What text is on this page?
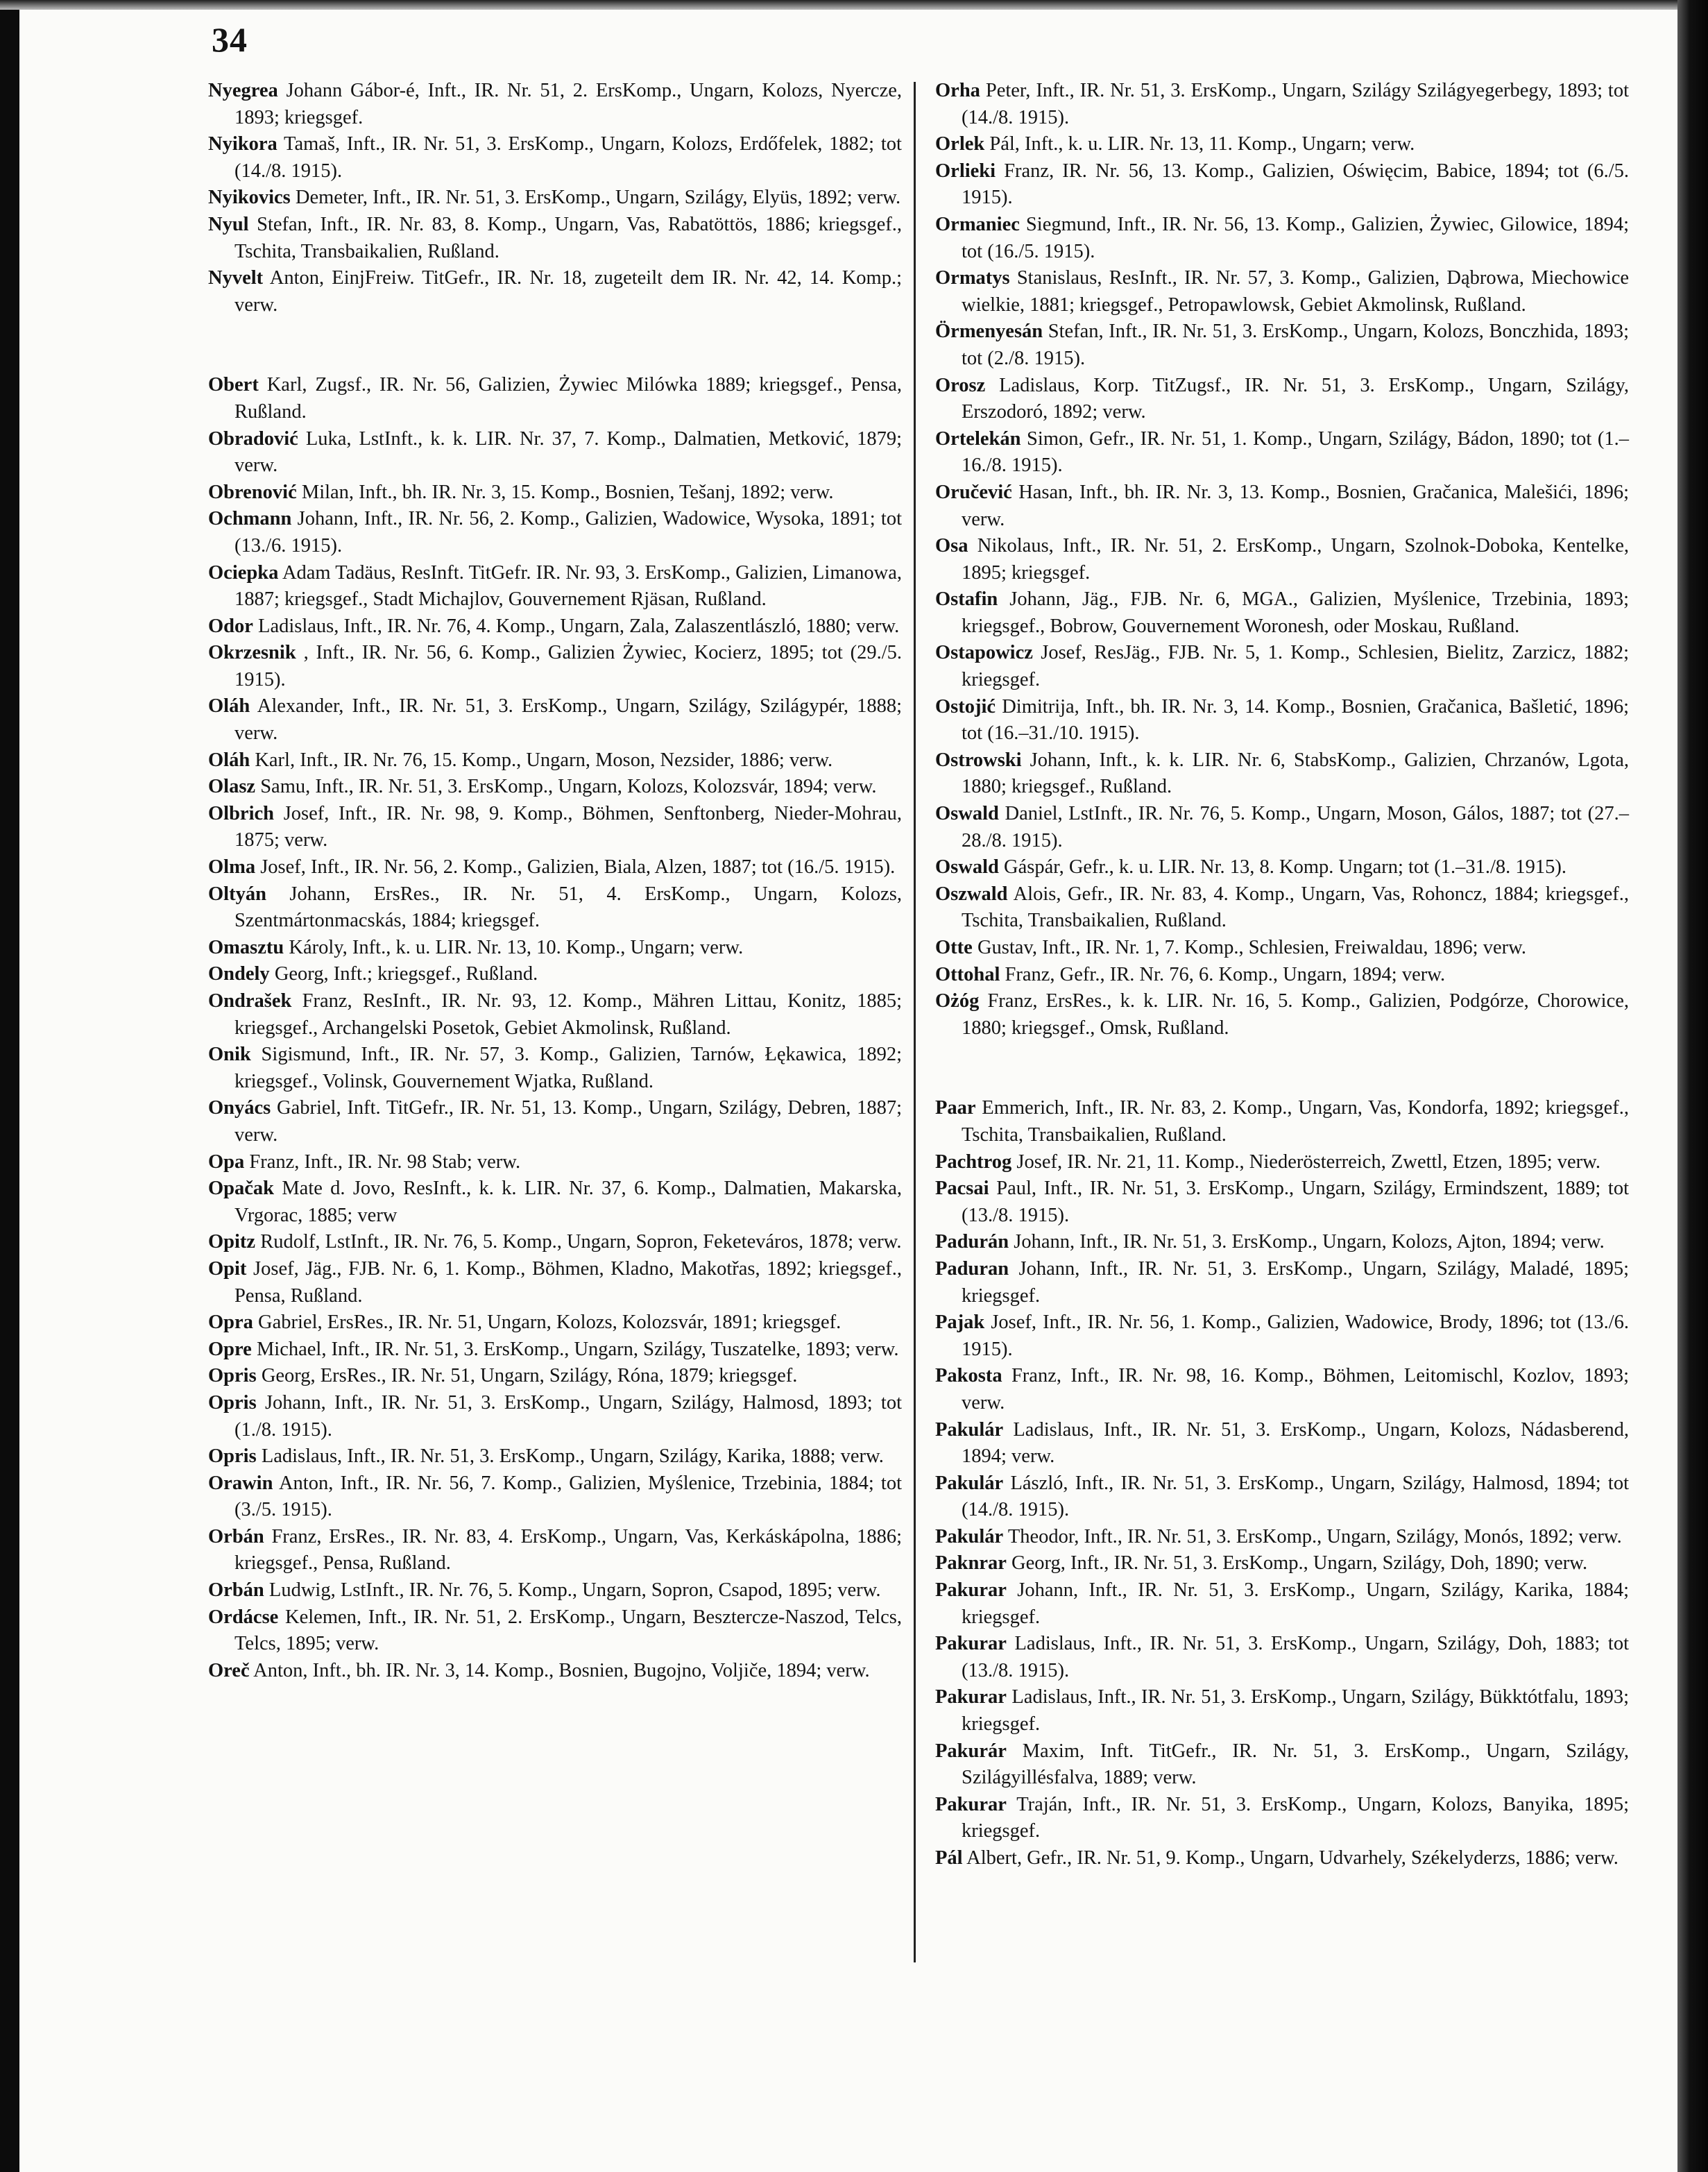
34

Nyegrea Johann Gábor-é, Inft., IR. Nr. 51, 2. ErsKomp., Ungarn, Kolozs, Nyercze, 1893; kriegsgef.

Nyikora Tamaš, Inft., IR. Nr. 51, 3. ErsKomp., Ungarn, Kolozs, Erdőfelek, 1882; tot (14./8. 1915).

Nyikovics Demeter, Inft., IR. Nr. 51, 3. ErsKomp., Ungarn, Szilágy, Elyüs, 1892; verw.

Nyul Stefan, Inft., IR. Nr. 83, 8. Komp., Ungarn, Vas, Rabatöttös, 1886; kriegsgef., Tschita, Transbaikalien, Rußland.

Nyvelt Anton, EinjFreiw. TitGefr., IR. Nr. 18, zugeteilt dem IR. Nr. 42, 14. Komp.; verw.

Obert Karl, Zugsf., IR. Nr. 56, Galizien, Żywiec Milówka 1889; kriegsgef., Pensa, Rußland.

Obradović Luka, LstInft., k. k. LIR. Nr. 37, 7. Komp., Dalmatien, Metković, 1879; verw.

Obrenović Milan, Inft., bh. IR. Nr. 3, 15. Komp., Bosnien, Tešanj, 1892; verw.

Ochmann Johann, Inft., IR. Nr. 56, 2. Komp., Galizien, Wadowice, Wysoka, 1891; tot (13./6. 1915).

Ociepka Adam Tadäus, ResInft. TitGefr. IR. Nr. 93, 3. ErsKomp., Galizien, Limanowa, 1887; kriegsgef., Stadt Michajlov, Gouvernement Rjäsan, Rußland.

Odor Ladislaus, Inft., IR. Nr. 76, 4. Komp., Ungarn, Zala, Zalaszentlászló, 1880; verw.

Okrzesnik , Inft., IR. Nr. 56, 6. Komp., Galizien Żywiec, Kocierz, 1895; tot (29./5. 1915).

Oláh Alexander, Inft., IR. Nr. 51, 3. ErsKomp., Ungarn, Szilágy, Szilágypér, 1888; verw.

Oláh Karl, Inft., IR. Nr. 76, 15. Komp., Ungarn, Moson, Nezsider, 1886; verw.

Olasz Samu, Inft., IR. Nr. 51, 3. ErsKomp., Ungarn, Kolozs, Kolozsvár, 1894; verw.

Olbrich Josef, Inft., IR. Nr. 98, 9. Komp., Böhmen, Senftonberg, Nieder-Mohrau, 1875; verw.

Olma Josef, Inft., IR. Nr. 56, 2. Komp., Galizien, Biala, Alzen, 1887; tot (16./5. 1915).

Oltyán Johann, ErsRes., IR. Nr. 51, 4. ErsKomp., Ungarn, Kolozs, Szentmártonmacskás, 1884; kriegsgef.

Omasztu Károly, Inft., k. u. LIR. Nr. 13, 10. Komp., Ungarn; verw.

Ondely Georg, Inft.; kriegsgef., Rußland.

Ondrašek Franz, ResInft., IR. Nr. 93, 12. Komp., Mähren Littau, Konitz, 1885; kriegsgef., Archangelski Posetok, Gebiet Akmolinsk, Rußland.

Onik Sigismund, Inft., IR. Nr. 57, 3. Komp., Galizien, Tarnów, Łękawica, 1892; kriegsgef., Volinsk, Gouvernement Wjatka, Rußland.

Onyács Gabriel, Inft. TitGefr., IR. Nr. 51, 13. Komp., Ungarn, Szilágy, Debren, 1887; verw.

Opa Franz, Inft., IR. Nr. 98 Stab; verw.

Opačak Mate d. Jovo, ResInft., k. k. LIR. Nr. 37, 6. Komp., Dalmatien, Makarska, Vrgorac, 1885; verw

Opitz Rudolf, LstInft., IR. Nr. 76, 5. Komp., Ungarn, Sopron, Feketeváros, 1878; verw.

Opit Josef, Jäg., FJB. Nr. 6, 1. Komp., Böhmen, Kladno, Makotřas, 1892; kriegsgef., Pensa, Rußland.

Opra Gabriel, ErsRes., IR. Nr. 51, Ungarn, Kolozs, Kolozsvár, 1891; kriegsgef.

Opre Michael, Inft., IR. Nr. 51, 3. ErsKomp., Ungarn, Szilágy, Tuszatelke, 1893; verw.

Opris Georg, ErsRes., IR. Nr. 51, Ungarn, Szilágy, Róna, 1879; kriegsgef.

Opris Johann, Inft., IR. Nr. 51, 3. ErsKomp., Ungarn, Szilágy, Halmosd, 1893; tot (1./8. 1915).

Opris Ladislaus, Inft., IR. Nr. 51, 3. ErsKomp., Ungarn, Szilágy, Karika, 1888; verw.

Orawin Anton, Inft., IR. Nr. 56, 7. Komp., Galizien, Myślenice, Trzebinia, 1884; tot (3./5. 1915).

Orbán Franz, ErsRes., IR. Nr. 83, 4. ErsKomp., Ungarn, Vas, Kerkáskápolna, 1886; kriegsgef., Pensa, Rußland.

Orbán Ludwig, LstInft., IR. Nr. 76, 5. Komp., Ungarn, Sopron, Csapod, 1895; verw.

Ordácse Kelemen, Inft., IR. Nr. 51, 2. ErsKomp., Ungarn, Besztercze-Naszod, Telcs, Telcs, 1895; verw.

Oreč Anton, Inft., bh. IR. Nr. 3, 14. Komp., Bosnien, Bugojno, Voljiče, 1894; verw.

Orha Peter, Inft., IR. Nr. 51, 3. ErsKomp., Ungarn, Szilágy Szilágyegerbegy, 1893; tot (14./8. 1915).

Orlek Pál, Inft., k. u. LIR. Nr. 13, 11. Komp., Ungarn; verw.

Orlieki Franz, IR. Nr. 56, 13. Komp., Galizien, Oświęcim, Babice, 1894; tot (6./5. 1915).

Ormaniec Siegmund, Inft., IR. Nr. 56, 13. Komp., Galizien, Żywiec, Gilowice, 1894; tot (16./5. 1915).

Ormatys Stanislaus, ResInft., IR. Nr. 57, 3. Komp., Galizien, Dąbrowa, Miechowice wielkie, 1881; kriegsgef., Petropawlowsk, Gebiet Akmolinsk, Rußland.

Örmenyesán Stefan, Inft., IR. Nr. 51, 3. ErsKomp., Ungarn, Kolozs, Bonczhida, 1893; tot (2./8. 1915).

Orosz Ladislaus, Korp. TitZugsf., IR. Nr. 51, 3. ErsKomp., Ungarn, Szilágy, Erszodoró, 1892; verw.

Ortelekán Simon, Gefr., IR. Nr. 51, 1. Komp., Ungarn, Szilágy, Bádon, 1890; tot (1.–16./8. 1915).

Oručević Hasan, Inft., bh. IR. Nr. 3, 13. Komp., Bosnien, Gračanica, Malešići, 1896; verw.

Osa Nikolaus, Inft., IR. Nr. 51, 2. ErsKomp., Ungarn, Szolnok-Doboka, Kentelke, 1895; kriegsgef.

Ostafin Johann, Jäg., FJB. Nr. 6, MGA., Galizien, Myślenice, Trzebinia, 1893; kriegsgef., Bobrow, Gouvernement Woronesh, oder Moskau, Rußland.

Ostapowicz Josef, ResJäg., FJB. Nr. 5, 1. Komp., Schlesien, Bielitz, Zarzicz, 1882; kriegsgef.

Ostojić Dimitrija, Inft., bh. IR. Nr. 3, 14. Komp., Bosnien, Gračanica, Bašletić, 1896; tot (16.–31./10. 1915).

Ostrowski Johann, Inft., k. k. LIR. Nr. 6, StabsKomp., Galizien, Chrzanów, Lgota, 1880; kriegsgef., Rußland.

Oswald Daniel, LstInft., IR. Nr. 76, 5. Komp., Ungarn, Moson, Gálos, 1887; tot (27.–28./8. 1915).

Oswald Gáspár, Gefr., k. u. LIR. Nr. 13, 8. Komp. Ungarn; tot (1.–31./8. 1915).

Oszwald Alois, Gefr., IR. Nr. 83, 4. Komp., Ungarn, Vas, Rohoncz, 1884; kriegsgef., Tschita, Transbaikalien, Rußland.

Otte Gustav, Inft., IR. Nr. 1, 7. Komp., Schlesien, Freiwaldau, 1896; verw.

Ottohal Franz, Gefr., IR. Nr. 76, 6. Komp., Ungarn, 1894; verw.

Ożóg Franz, ErsRes., k. k. LIR. Nr. 16, 5. Komp., Galizien, Podgórze, Chorowice, 1880; kriegsgef., Omsk, Rußland.

Paar Emmerich, Inft., IR. Nr. 83, 2. Komp., Ungarn, Vas, Kondorfa, 1892; kriegsgef., Tschita, Transbaikalien, Rußland.

Pachtrog Josef, IR. Nr. 21, 11. Komp., Niederösterreich, Zwettl, Etzen, 1895; verw.

Pacsai Paul, Inft., IR. Nr. 51, 3. ErsKomp., Ungarn, Szilágy, Ermindszent, 1889; tot (13./8. 1915).

Padurán Johann, Inft., IR. Nr. 51, 3. ErsKomp., Ungarn, Kolozs, Ajton, 1894; verw.

Paduran Johann, Inft., IR. Nr. 51, 3. ErsKomp., Ungarn, Szilágy, Maladé, 1895; kriegsgef.

Pajak Josef, Inft., IR. Nr. 56, 1. Komp., Galizien, Wadowice, Brody, 1896; tot (13./6. 1915).

Pakosta Franz, Inft., IR. Nr. 98, 16. Komp., Böhmen, Leitomischl, Kozlov, 1893; verw.

Pakulár Ladislaus, Inft., IR. Nr. 51, 3. ErsKomp., Ungarn, Kolozs, Nádasberend, 1894; verw.

Pakulár László, Inft., IR. Nr. 51, 3. ErsKomp., Ungarn, Szilágy, Halmosd, 1894; tot (14./8. 1915).

Pakulár Theodor, Inft., IR. Nr. 51, 3. ErsKomp., Ungarn, Szilágy, Monós, 1892; verw.

Paknrar Georg, Inft., IR. Nr. 51, 3. ErsKomp., Ungarn, Szilágy, Doh, 1890; verw.

Pakurar Johann, Inft., IR. Nr. 51, 3. ErsKomp., Ungarn, Szilágy, Karika, 1884; kriegsgef.

Pakurar Ladislaus, Inft., IR. Nr. 51, 3. ErsKomp., Ungarn, Szilágy, Doh, 1883; tot (13./8. 1915).

Pakurar Ladislaus, Inft., IR. Nr. 51, 3. ErsKomp., Ungarn, Szilágy, Bükktótfalu, 1893; kriegsgef.

Pakurár Maxim, Inft. TitGefr., IR. Nr. 51, 3. ErsKomp., Ungarn, Szilágy, Szilágyillésfalva, 1889; verw.

Pakurar Traján, Inft., IR. Nr. 51, 3. ErsKomp., Ungarn, Kolozs, Banyika, 1895; kriegsgef.

Pál Albert, Gefr., IR. Nr. 51, 9. Komp., Ungarn, Udvarhely, Székelyderzs, 1886; verw.
